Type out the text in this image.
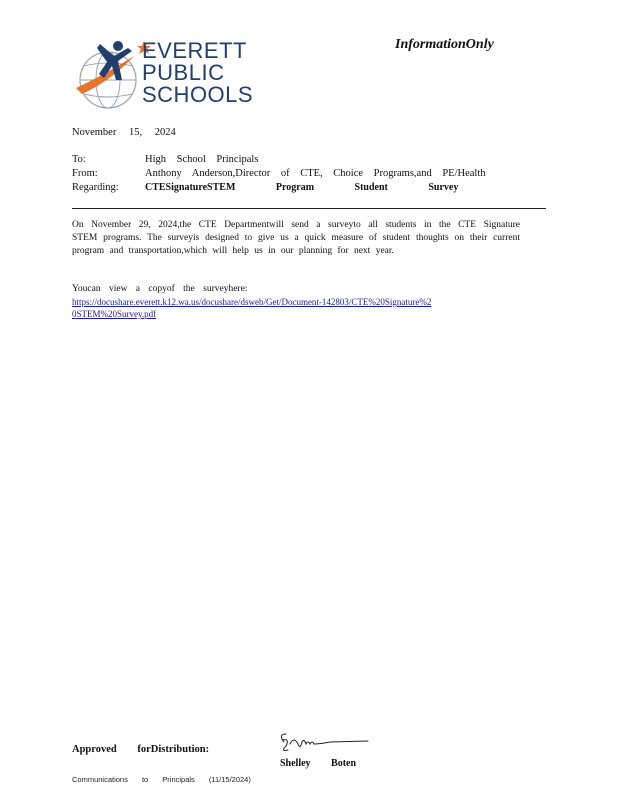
EVERETT
PUBLIC
SCHOOLS
InformationOnly
November 15, 2024
To:	High School Principals
From:	Anthony Anderson,Director of CTE, Choice Programs,and PE/Health
Regarding:	CTESignatureSTEM Program Student Survey
On November 29, 2024,the CTE Departmentwill send a surveyto all students in the CTE Signature STEM programs. The surveyis designed to give us a quick measure of student thoughts on their current program and transportation,which will help us in our planning for next year.
Youcan view a copyof the surveyhere:
https://docushare.everett.k12.wa.us/docushare/dsweb/Get/Document-142803/CTE%20Signature%20STEM%20Survey.pdf
Approved forDistribution:
Shelley Boten
Communications to Principals (11/15/2024)
